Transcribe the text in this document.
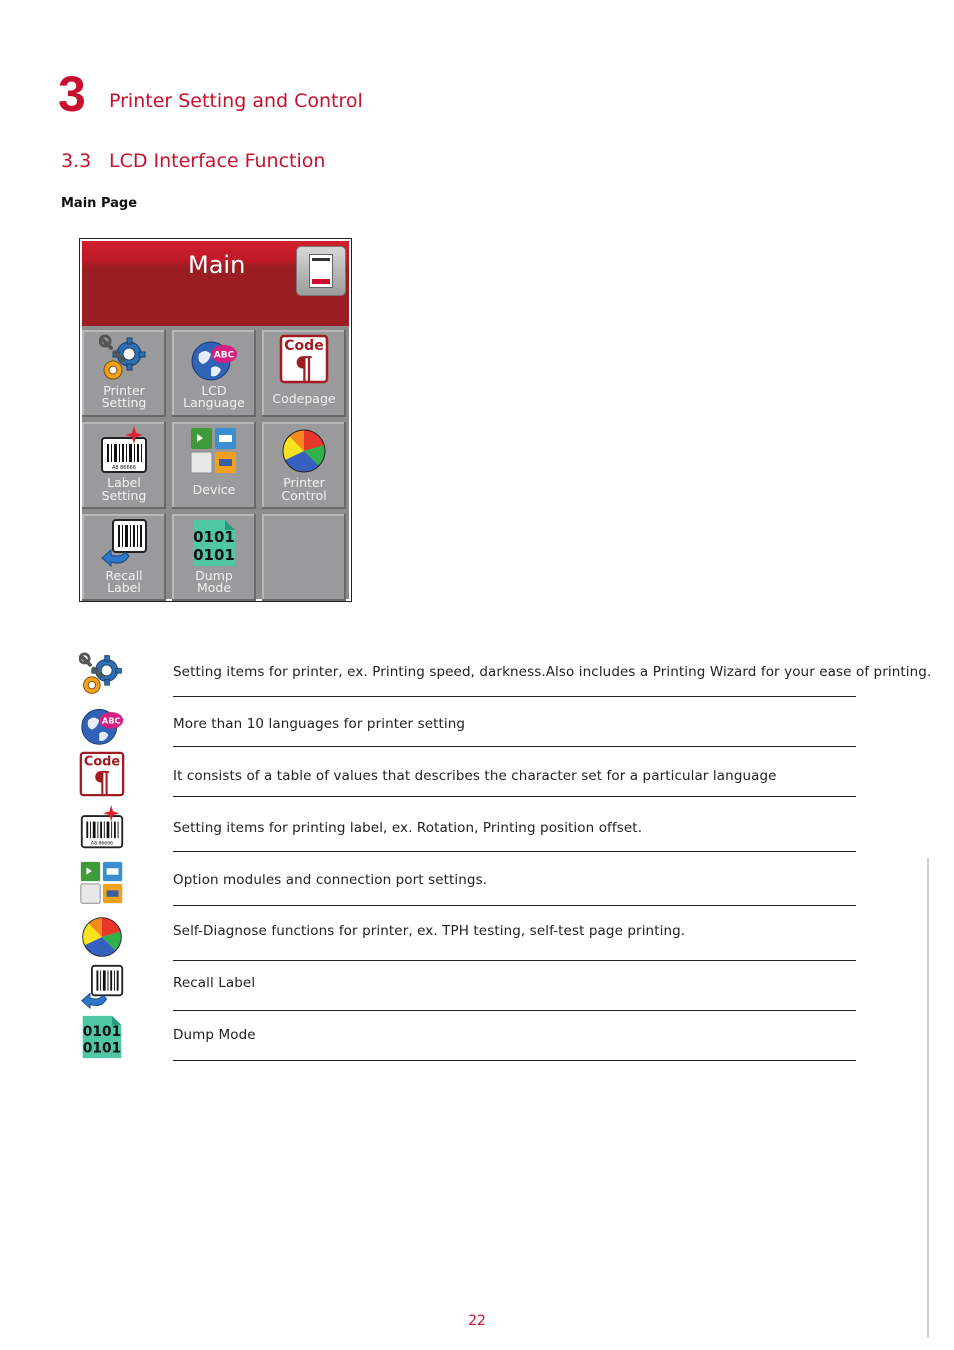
3 Printer Setting and Control
3.3 LCD Interface Function
Main Page
Main
Printer
Setting
LCD
Language	Codepage
Label
Setting	Device	Printer
Control
Recall
Label
Dump
Mode
Setting items for printer, ex. Printing speed, darkness.Also includes a Printing Wizard for your ease of printing.
More than 10 languages for printer setting
It consists of a table of values that describes the character set for a particular language
Setting items for printing label, ex. Rotation, Printing position offset.
Option modules and connection port settings.
Self-Diagnose functions for printer, ex. TPH testing, self-test page printing.
Recall Label
Dump Mode
22
